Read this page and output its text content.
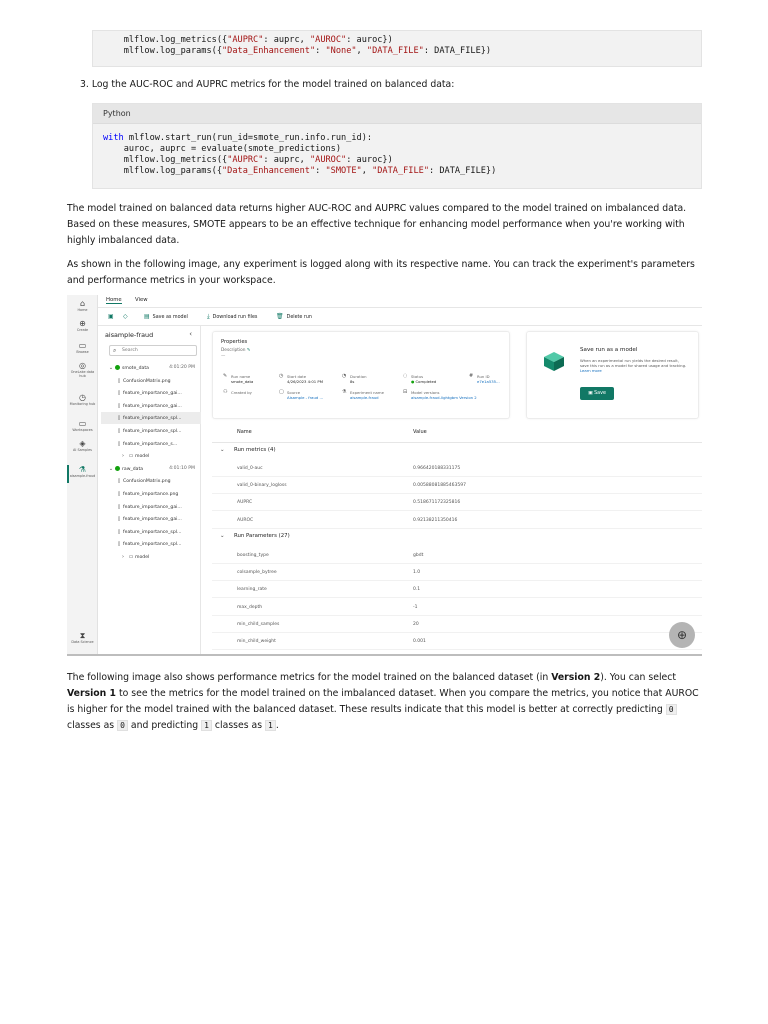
mlflow.log_metrics({"AUPRC": auprc, "AUROC": auroc})
mlflow.log_params({"Data_Enhancement": "None", "DATA_FILE": DATA_FILE})
3. Log the AUC-ROC and AUPRC metrics for the model trained on balanced data:
Python
with mlflow.start_run(run_id=smote_run.info.run_id):
auroc, auprc = evaluate(smote_predictions)
mlflow.log_metrics({"AUPRC": auprc, "AUROC": auroc})
mlflow.log_params({"Data_Enhancement": "SMOTE", "DATA_FILE": DATA_FILE})
The model trained on balanced data returns higher AUC-ROC and AUPRC values compared to the model trained on imbalanced data. Based on these measures, SMOTE appears to be an effective technique for enhancing model performance when you're working with highly imbalanced data.
As shown in the following image, any experiment is logged along with its respective name. You can track the experiment's parameters and performance metrics in your workspace.
⌂
Home
⊕
Create
▭
Browse
◎
OneLake data hub
◷
Monitoring hub
▭
Workspaces
◈
AI Samples
⚗
aisample-fraud
⧗
Data Science
Home	View
▣	◇	▤ Save as model	⤓ Download run files	🗑 Delete run
aisample-fraud	‹
⌕ Search
⌄ smote_data	4:01:20 PM
▯ ConfusionMatrix.png
▯ feature_importance_gai...
▯ feature_importance_gai...
▯ feature_importance_spl...
▯ feature_importance_spl...
▯ feature_importance_s...
› ▭ model
⌄ raw_data	4:01:10 PM
▯ ConfusionMatrix.png
▯ feature_importance.png
▯ feature_importance_gai...
▯ feature_importance_gai...
▯ feature_importance_spl...
▯ feature_importance_spl...
› ▭ model
Properties
Description ✎
—
✎ Run name
smote_data
◷ Start date
4/26/2023 4:01 PM
◔ Duration
8s
◌ Status
● Completed
# Run ID
e7e1a535...
⚇ Created by	▢ Source
Aisample - fraud ...
⚗ Experiment name
aisample-fraud
⊟ Model versions
aisample-fraud-lightgbm Version 2
Save run as a model
When an experimental run yields the desired result, save this run as a model for shared usage and tracking. Learn more
▣ Save
Name	Value
⌄ Run metrics (4)
valid_0-auc	0.966420188331175
valid_0-binary_logloss	0.00588081885463597
AUPRC	0.518671172325816
AUROC	0.92138211350416
⌄ Run Parameters (27)
boosting_type	gbdt
colsample_bytree	1.0
learning_rate	0.1
max_depth	-1
min_child_samples	20
min_child_weight	0.001	⊕
The following image also shows performance metrics for the model trained on the balanced dataset (in Version 2). You can select Version 1 to see the metrics for the model trained on the imbalanced dataset. When you compare the metrics, you notice that AUROC is higher for the model trained with the balanced dataset. These results indicate that this model is better at correctly predicting 0 classes as 0 and predicting 1 classes as 1 .
